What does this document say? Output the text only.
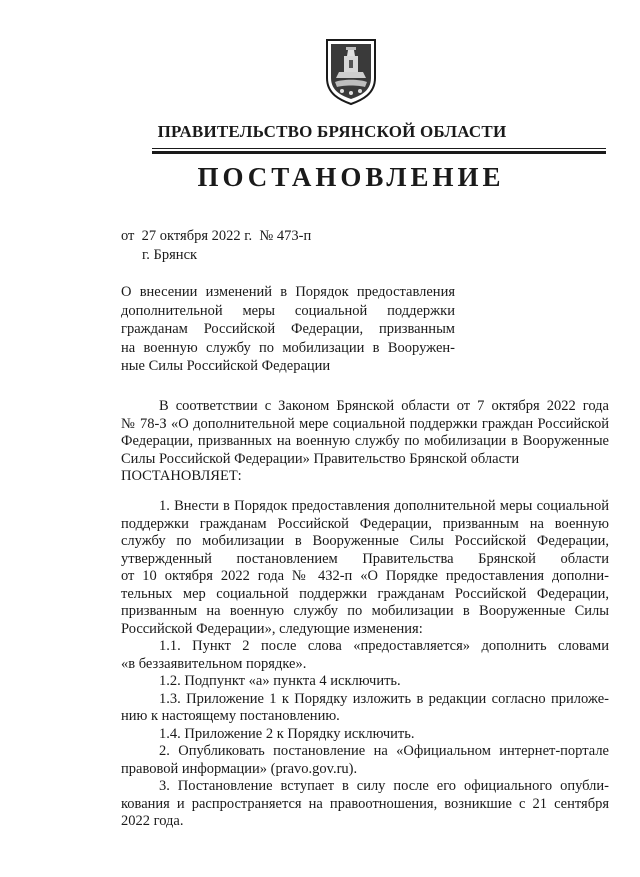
ПРАВИТЕЛЬСТВО БРЯНСКОЙ ОБЛАСТИ
ПОСТАНОВЛЕНИЕ
от  27 октября 2022 г.  № 473-п
г. Брянск
О внесении изменений в Порядок предоставления
дополнительной меры социальной поддержки
гражданам Российской Федерации, призванным
на военную службу по мобилизации в Вооружен-
ные Силы Российской Федерации
В соответствии с Законом Брянской области от 7 октября 2022 года
№ 78-З «О дополнительной мере социальной поддержки граждан Российской
Федерации, призванных на военную службу по мобилизации в Вооруженные
Силы Российской Федерации» Правительство Брянской области
ПОСТАНОВЛЯЕТ:
1. Внести в Порядок предоставления дополнительной меры социальной
поддержки гражданам Российской Федерации, призванным на военную
службу по мобилизации в Вооруженные Силы Российской Федерации,
утвержденный постановлением Правительства Брянской области
от 10 октября 2022 года № 432-п «О Порядке предоставления дополни-
тельных мер социальной поддержки гражданам Российской Федерации,
призванным на военную службу по мобилизации в Вооруженные Силы
Российской Федерации», следующие изменения:
1.1. Пункт 2 после слова «предоставляется» дополнить словами
«в беззаявительном порядке».
1.2. Подпункт «а» пункта 4 исключить.
1.3. Приложение 1 к Порядку изложить в редакции согласно приложе-
нию к настоящему постановлению.
1.4. Приложение 2 к Порядку исключить.
2. Опубликовать постановление на «Официальном интернет-портале
правовой информации» (pravo.gov.ru).
3. Постановление вступает в силу после его официального опубли-
кования и распространяется на правоотношения, возникшие с 21 сентября
2022 года.
